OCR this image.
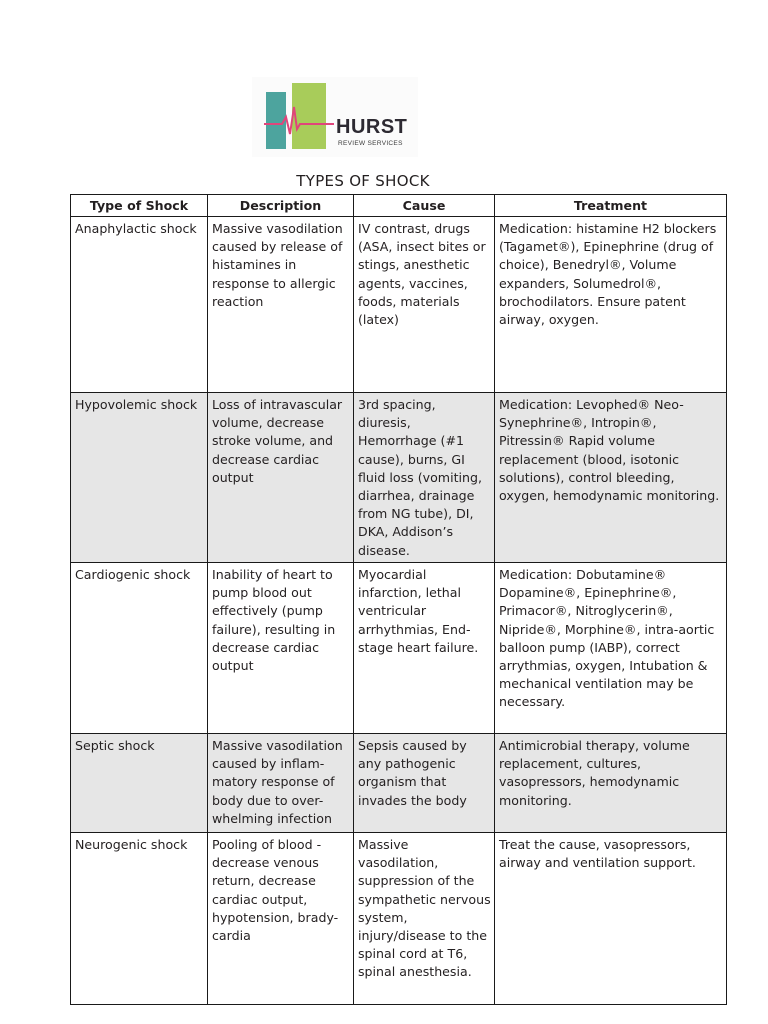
HURST
REVIEW SERVICES
TYPES OF SHOCK
Type of Shock	Description	Cause	Treatment
Anaphylactic shock	Massive vasodilation caused by release of histamines in response to allergic reaction	IV contrast, drugs (ASA, insect bites or stings, anesthetic agents, vaccines, foods, materials (latex)	Medication: histamine H2 blockers (Tagamet®), Epinephrine (drug of choice), Benedryl®, Volume expanders, Solumedrol®, brochodilators. Ensure patent airway, oxygen.
Hypovolemic shock	Loss of intravascular volume, decrease stroke volume, and decrease cardiac output	3rd spacing, diuresis, Hemorrhage (#1 cause), burns, GI fluid loss (vomiting, diarrhea, drainage from NG tube), DI, DKA, Addison’s disease.	Medication: Levophed® Neo-Synephrine®, Intropin®, Pitressin® Rapid volume replacement (blood, isotonic solutions), control bleeding, oxygen, hemodynamic monitoring.
Cardiogenic shock	Inability of heart to pump blood out effectively (pump failure), resulting in decrease cardiac output	Myocardial infarction, lethal ventricular arrhythmias, End-stage heart failure.	Medication: Dobutamine® Dopamine®, Epinephrine®, Primacor®, Nitroglycerin®, Nipride®, Morphine®, intra-aortic balloon pump (IABP), correct arrythmias, oxygen, Intubation & mechanical ventilation may be necessary.
Septic shock	Massive vasodilation caused by inflam-matory response of body due to over-whelming infection	Sepsis caused by any pathogenic organism that invades the body	Antimicrobial therapy, volume replacement, cultures, vasopressors, hemodynamic monitoring.
Neurogenic shock	Pooling of blood -decrease venous return, decrease cardiac output, hypotension, brady-cardia	Massive vasodilation, suppression of the sympathetic nervous system, injury/disease to the spinal cord at T6, spinal anesthesia.	Treat the cause, vasopressors, airway and ventilation support.
